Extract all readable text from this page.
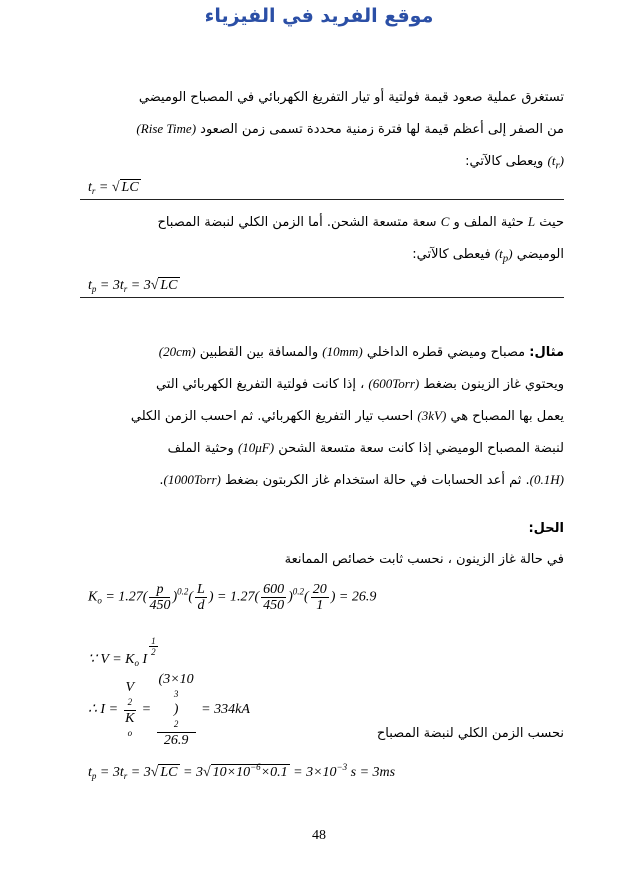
موقع الفريد في الفيزياء
تستغرق عملية صعود قيمة فولتية أو تيار التفريغ الكهربائي في المصباح الوميضي
من الصفر إلى أعظم قيمة لها فترة زمنية محددة تسمى زمن الصعود (Rise Time)
$(t_r)$ ويعطى كالآتي:
$t_r$ = √ LC
حيث L حثية الملف و C سعة متسعة الشحن. أما الزمن الكلي لنبضة المصباح
الوميضي $(t_p)$ فيعطى كالآتي:
$t_p = 3t_r = 3√$ LC
مثال: مصباح وميضي قطره الداخلي (10mm) والمسافة بين القطبين (20cm)
ويحتوي غاز الزينون بضغط (600Torr) ، إذا كانت فولتية التفريغ الكهربائي التي
يعمل بها المصباح هي (3kV) احسب تيار التفريغ الكهربائي. ثم احسب الزمن الكلي
لنبضة المصباح الوميضي إذا كانت سعة متسعة الشحن (10μF) وحثية الملف
(0.1H). ثم أعد الحسابات في حالة استخدام غاز الكربتون بضغط (1000Torr).
الحل:
في حالة غاز الزينون ، نحسب ثابت خصائص الممانعة
$K_o = 1.27( \frac{p}{450} )^{0.2}( \frac{L}{d}$ ) = $1.27( \frac{600}{450} )^{0.2}( \frac{20}{1}$ ) = 26.9
∵ $V = K_o$ I
$\frac{1}{2}$
∴ I = V
2
K
o = (3×10
3
)
2
26.9 = 334kA
نحسب الزمن الكلي لنبضة المصباح
$t_p = 3t_r = 3√$ LC = 3√ $10\times 10^{-6}\times 0.1 = 3\times 10^{-3}$ s = 3ms
48
